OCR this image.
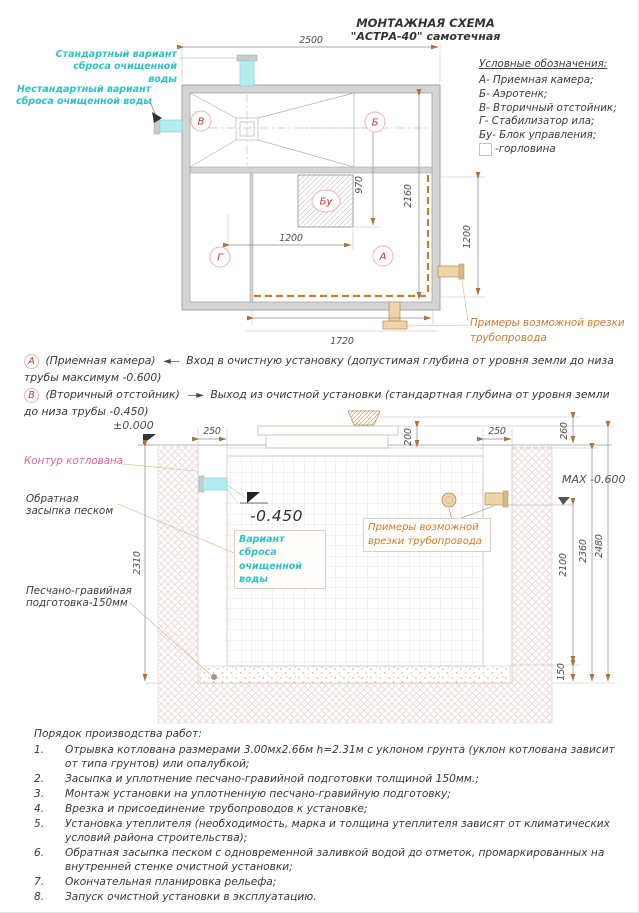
2500
970	2160
1200
1200
1720
В	Б
Г	А
Бу
-0.450
MAX -0.600
±0.000
2310
250	200	250	260
2100
150
2360 2480
МОНТАЖНАЯ СХЕМА
"АСТРА-40" самотечная
Условные обозначения:
А- Приемная камера;
Б- Аэротенк;
В- Вторичный отстойник;
Г- Стабилизатор ила;
Бу- Блок управления;
-горловина
Стандартный вариант сброса очищенной воды
Нестандартный вариант сброса очищенной воды
Примеры возможной врезки трубопровода

А (Приемная камера) ◄— Вход в очистную установку (допустимая глубина от уровня земли до низа трубы максимум -0.600)

В (Вторичный отстойник) —► Выход из очистной установки (стандартная глубина от уровня земли до низа трубы -0.450)

Контур котлована
Обратная засыпка песком
Песчано-гравийная подготовка-150мм
Вариант сброса очищенной воды
Примеры возможной врезки трубопровода
Порядок производства работ:
1.	Отрывка котлована размерами 3.00мх2.66м h=2.31м с уклоном грунта (уклон котлована зависит от типа грунтов) или опалубкой;
2.	Засыпка и уплотнение песчано-гравийной подготовки толщиной 150мм.;
3.	Монтаж установки на уплотненную песчано-гравийную подготовку;
4.	Врезка и присоединение трубопроводов к установке;
5.	Установка утеплителя (необходимость, марка и толщина утеплителя зависят от климатических условий района строительства);
6.	Обратная засыпка песком с одновременной заливкой водой до отметок, промаркированных на внутренней стенке очистной установки;
7.	Окончательная планировка рельефа;
8.	Запуск очистной установки в эксплуатацию.
